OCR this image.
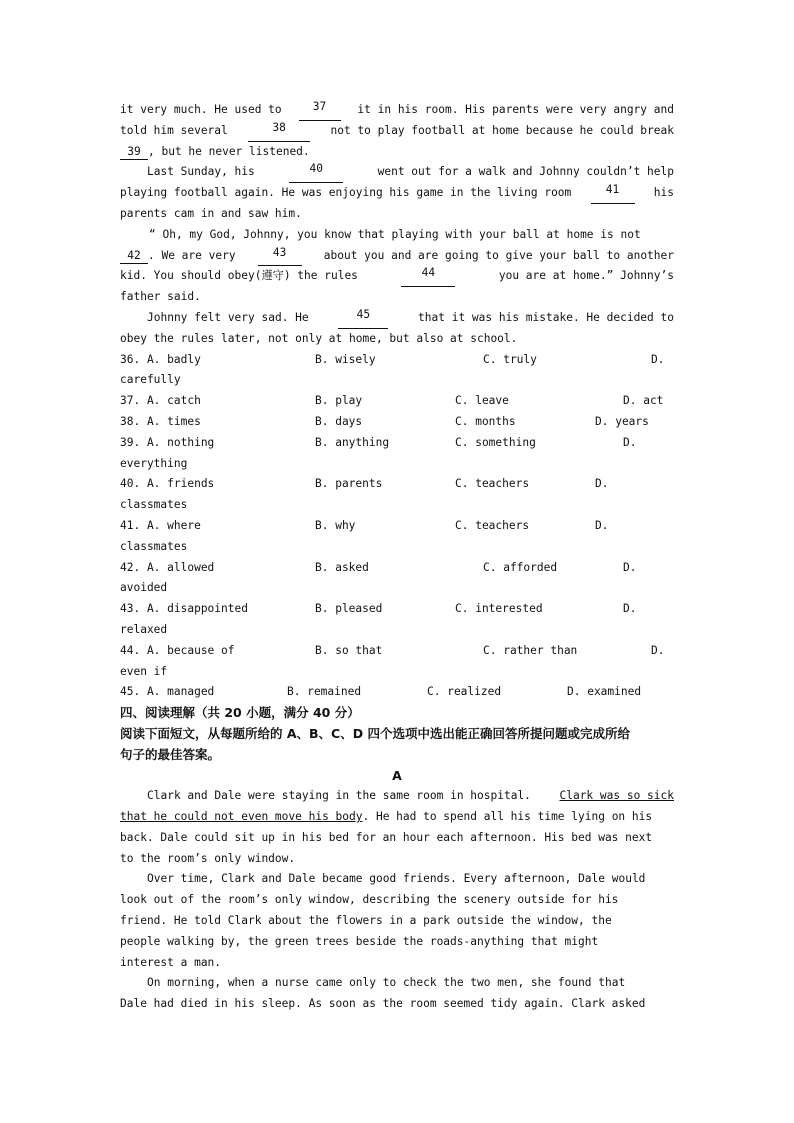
it very much. He used to	37	it in his room. His parents were very angry and
told him several	38	not to play football at home because he could break
39 , but he never listened.
Last Sunday, his	40	went out for a walk and Johnny couldn’t help
playing football again. He was enjoying his game in the living room	41	his
parents cam in and saw him.
“ Oh, my God, Johnny, you know that playing with your ball at home is not
42 . We are very	43	about you and are going to give your ball to another
kid. You should obey(遵守) the rules	44	you are at home.” Johnny’s
father said.
Johnny felt very sad. He	45	that it was his mistake. He decided to
obey the rules later, not only at home, but also at school.
36. A. badly	B. wisely	C. truly	D.
carefully
37. A. catch	B. play	C. leave	D. act
38. A. times	B. days	C. months	D. years
39. A. nothing	B. anything	C. something	D.
everything
40. A. friends	B. parents	C. teachers	D.
classmates
41. A. where	B. why	C. teachers	D.
classmates
42. A. allowed	B. asked	C. afforded	D.
avoided
43. A. disappointed	B. pleased	C. interested	D.
relaxed
44. A. because of	B. so that	C. rather than	D.
even if
45. A. managed	B. remained	C. realized	D. examined
四、阅读理解（共 20 小题，满分 40 分）
阅读下面短文，从每题所给的 A、B、C、D 四个选项中选出能正确回答所提问题或完成所给
句子的最佳答案。
A
Clark and Dale were staying in the same room in hospital.	Clark was so sick
that he could not even move his body. He had to spend all his time lying on his
back. Dale could sit up in his bed for an hour each afternoon. His bed was next
to the room’s only window.
Over time, Clark and Dale became good friends. Every afternoon, Dale would
look out of the room’s only window, describing the scenery outside for his
friend. He told Clark about the flowers in a park outside the window, the
people walking by, the green trees beside the roads-anything that might
interest a man.
On morning, when a nurse came only to check the two men, she found that
Dale had died in his sleep. As soon as the room seemed tidy again. Clark asked
